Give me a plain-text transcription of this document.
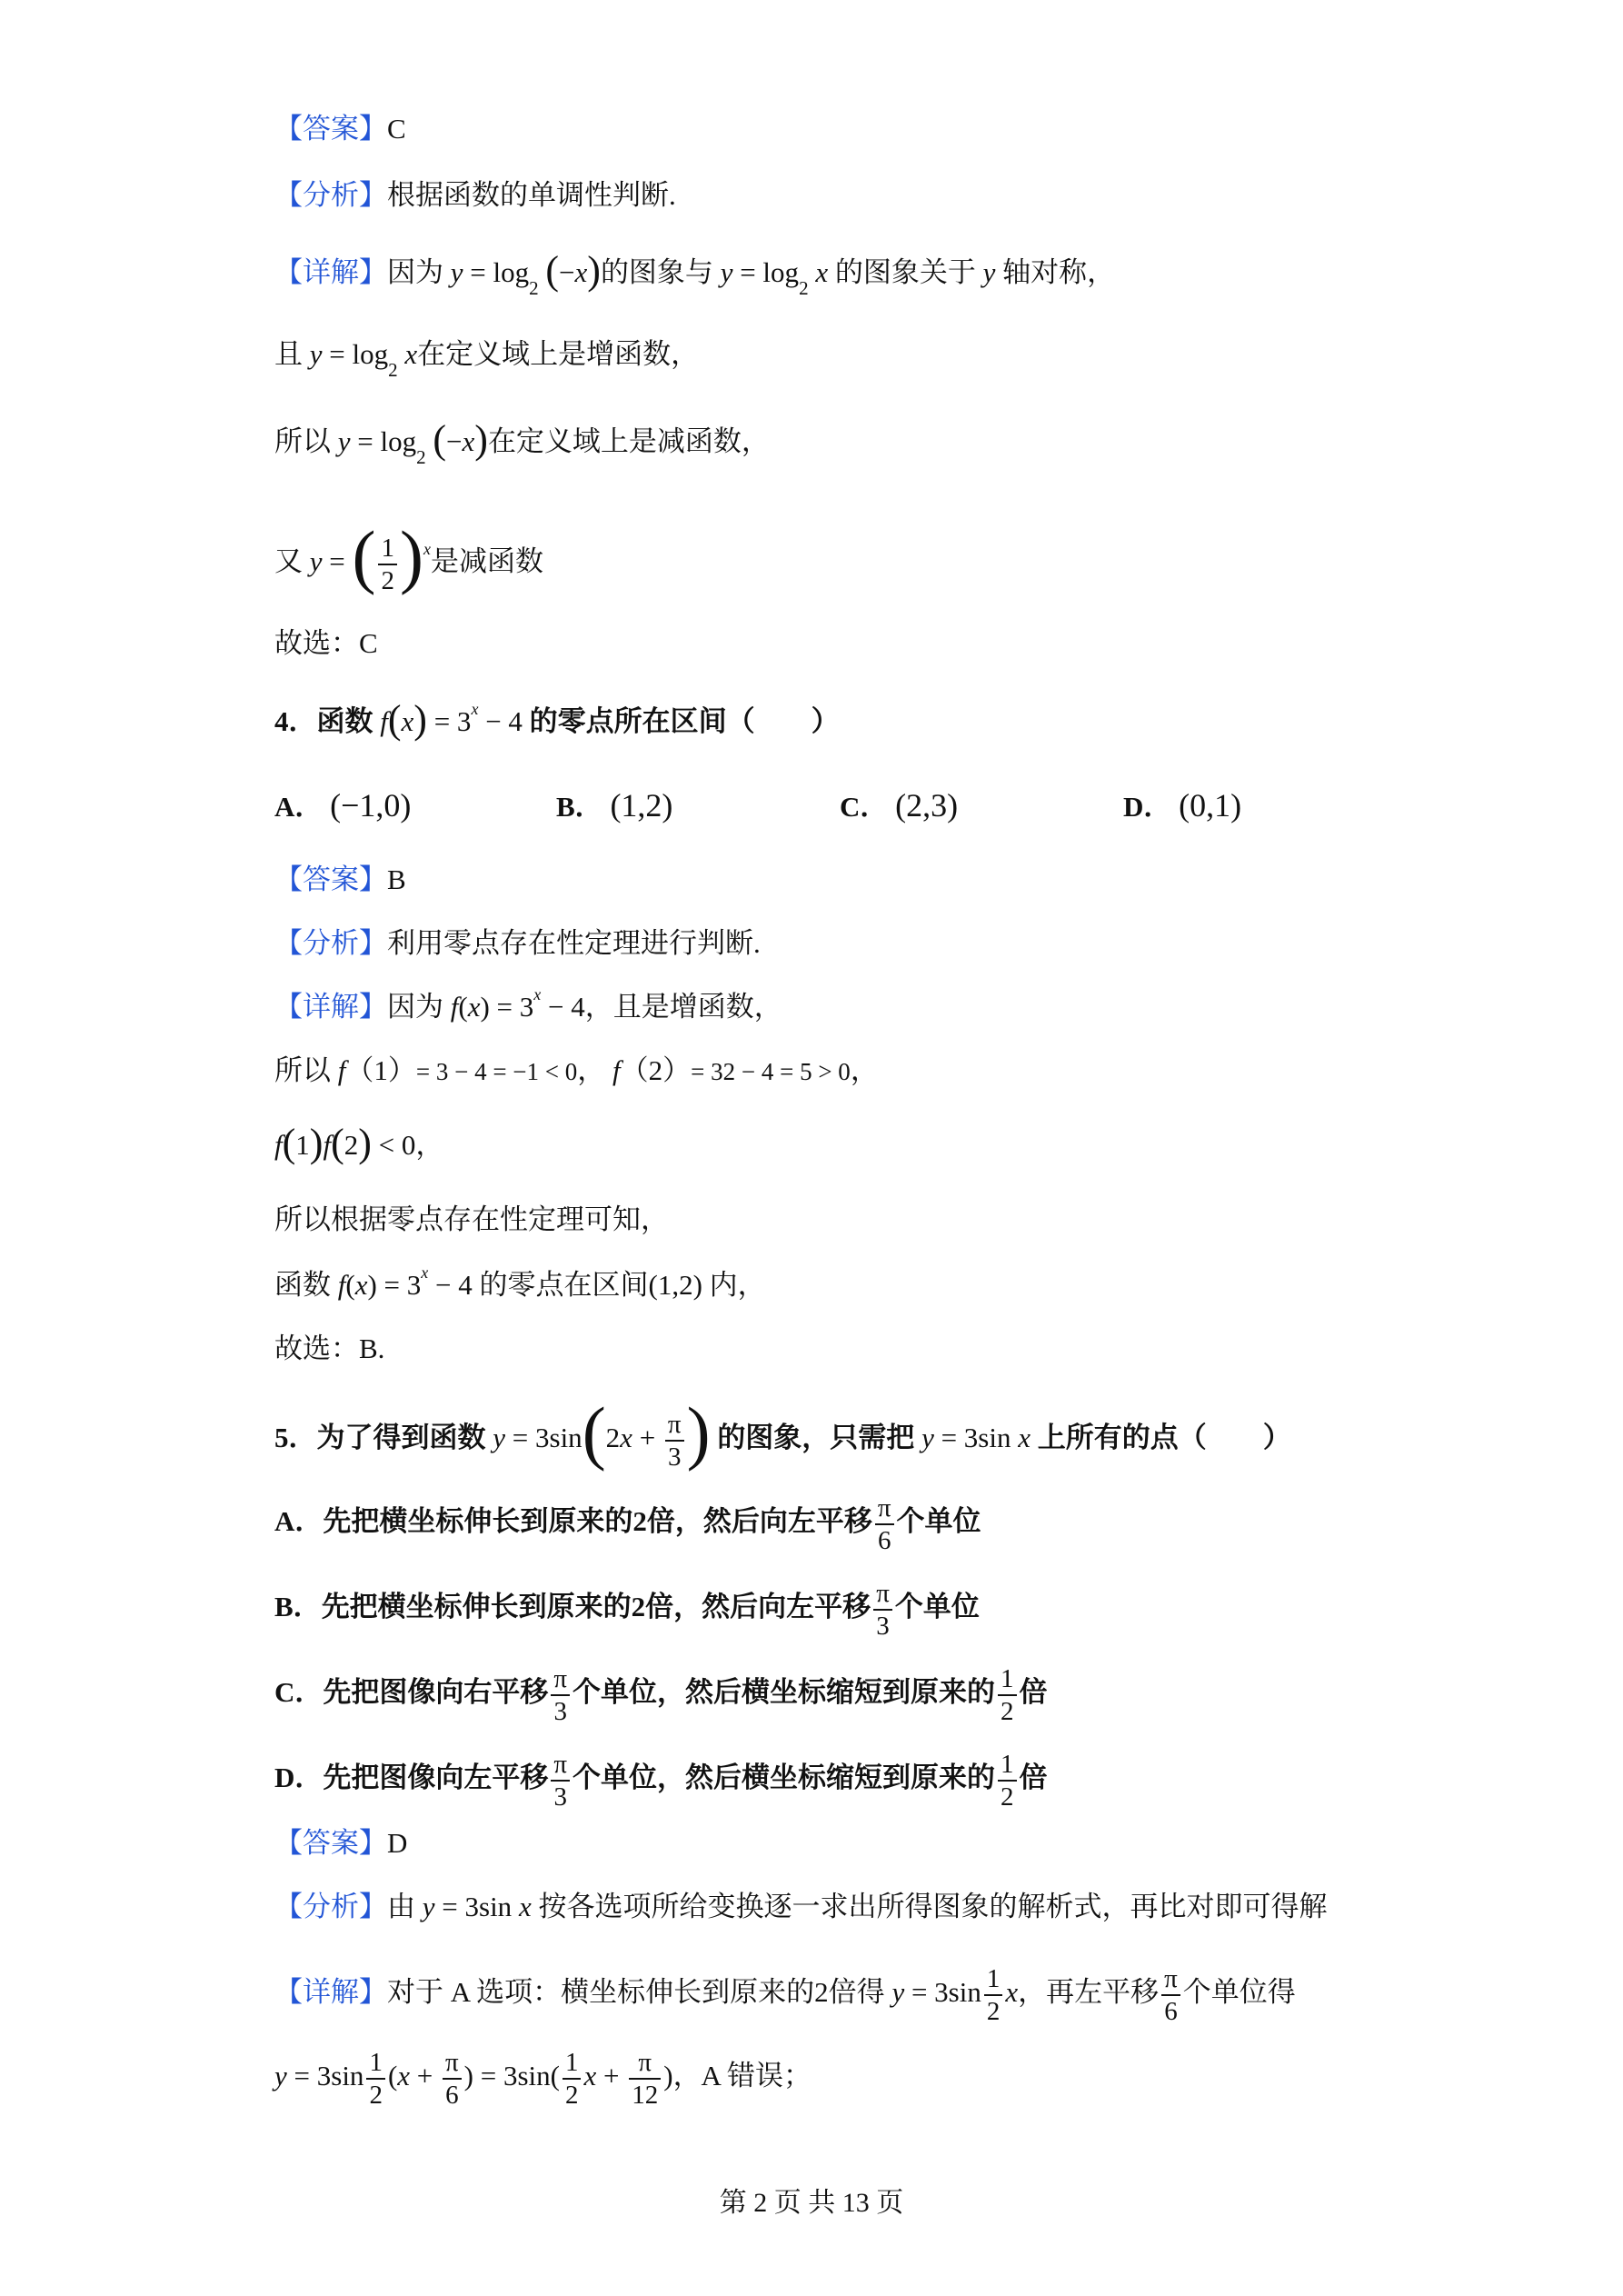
【答案】C
【分析】根据函数的单调性判断.
【详解】因为 $y = \log_2 (-x)$的图象与 $y = \log_2 x$ 的图象关于 y 轴对称，
且 $y = \log_2 x$在定义域上是增函数，
所以 $y = \log_2 (-x)$在定义域上是减函数，
又 y = ( $\frac{1}{2} )^x$是减函数
故选：C
4．函数 $f(x) = 3^x - 4$ 的零点所在区间（　　）
A． (−1,0)	B． (1,2)	C． (2,3)	D． (0,1)
【答案】B
【分析】利用零点存在性定理进行判断.
【详解】因为 $f(x) = 3^x - 4$，且是增函数，
所以 f（1）= 3 − 4 = −1 < 0， f（2）= 32 − 4 = 5 > 0，
f(1)f(2) < 0，
所以根据零点存在性定理可知，
函数 $f(x) = 3^x - 4$ 的零点在区间(1,2) 内，
故选：B.
5．为了得到函数 $y = 3\sin(2x + \frac{\pi}{3}$ ) 的图象，只需把 y = 3sin x 上所有的点（　　）
A．先把横坐标伸长到原来的2倍，然后向左平移 $\frac{\pi}{6}$ 个单位
B．先把横坐标伸长到原来的2倍，然后向左平移 $\frac{\pi}{3}$ 个单位
C．先把图像向右平移 $\frac{\pi}{3}$ 个单位，然后横坐标缩短到原来的 $\frac{1}{2}$ 倍
D．先把图像向左平移 $\frac{\pi}{3}$ 个单位，然后横坐标缩短到原来的 $\frac{1}{2}$ 倍
【答案】D
【分析】由 y = 3sin x 按各选项所给变换逐一求出所得图象的解析式，再比对即可得解
【详解】对于 A 选项：横坐标伸长到原来的2倍得 $y = 3\sin \frac{1}{2}$ x，再左平移 $\frac{\pi}{6}$ 个单位得
$y = 3\sin \frac{1}{2} (x + \frac{\pi}{6}$ ) = $3\sin( \frac{1}{2}$ $x + \frac{\pi}{12}$ )，A 错误；
第 2 页 共 13 页
